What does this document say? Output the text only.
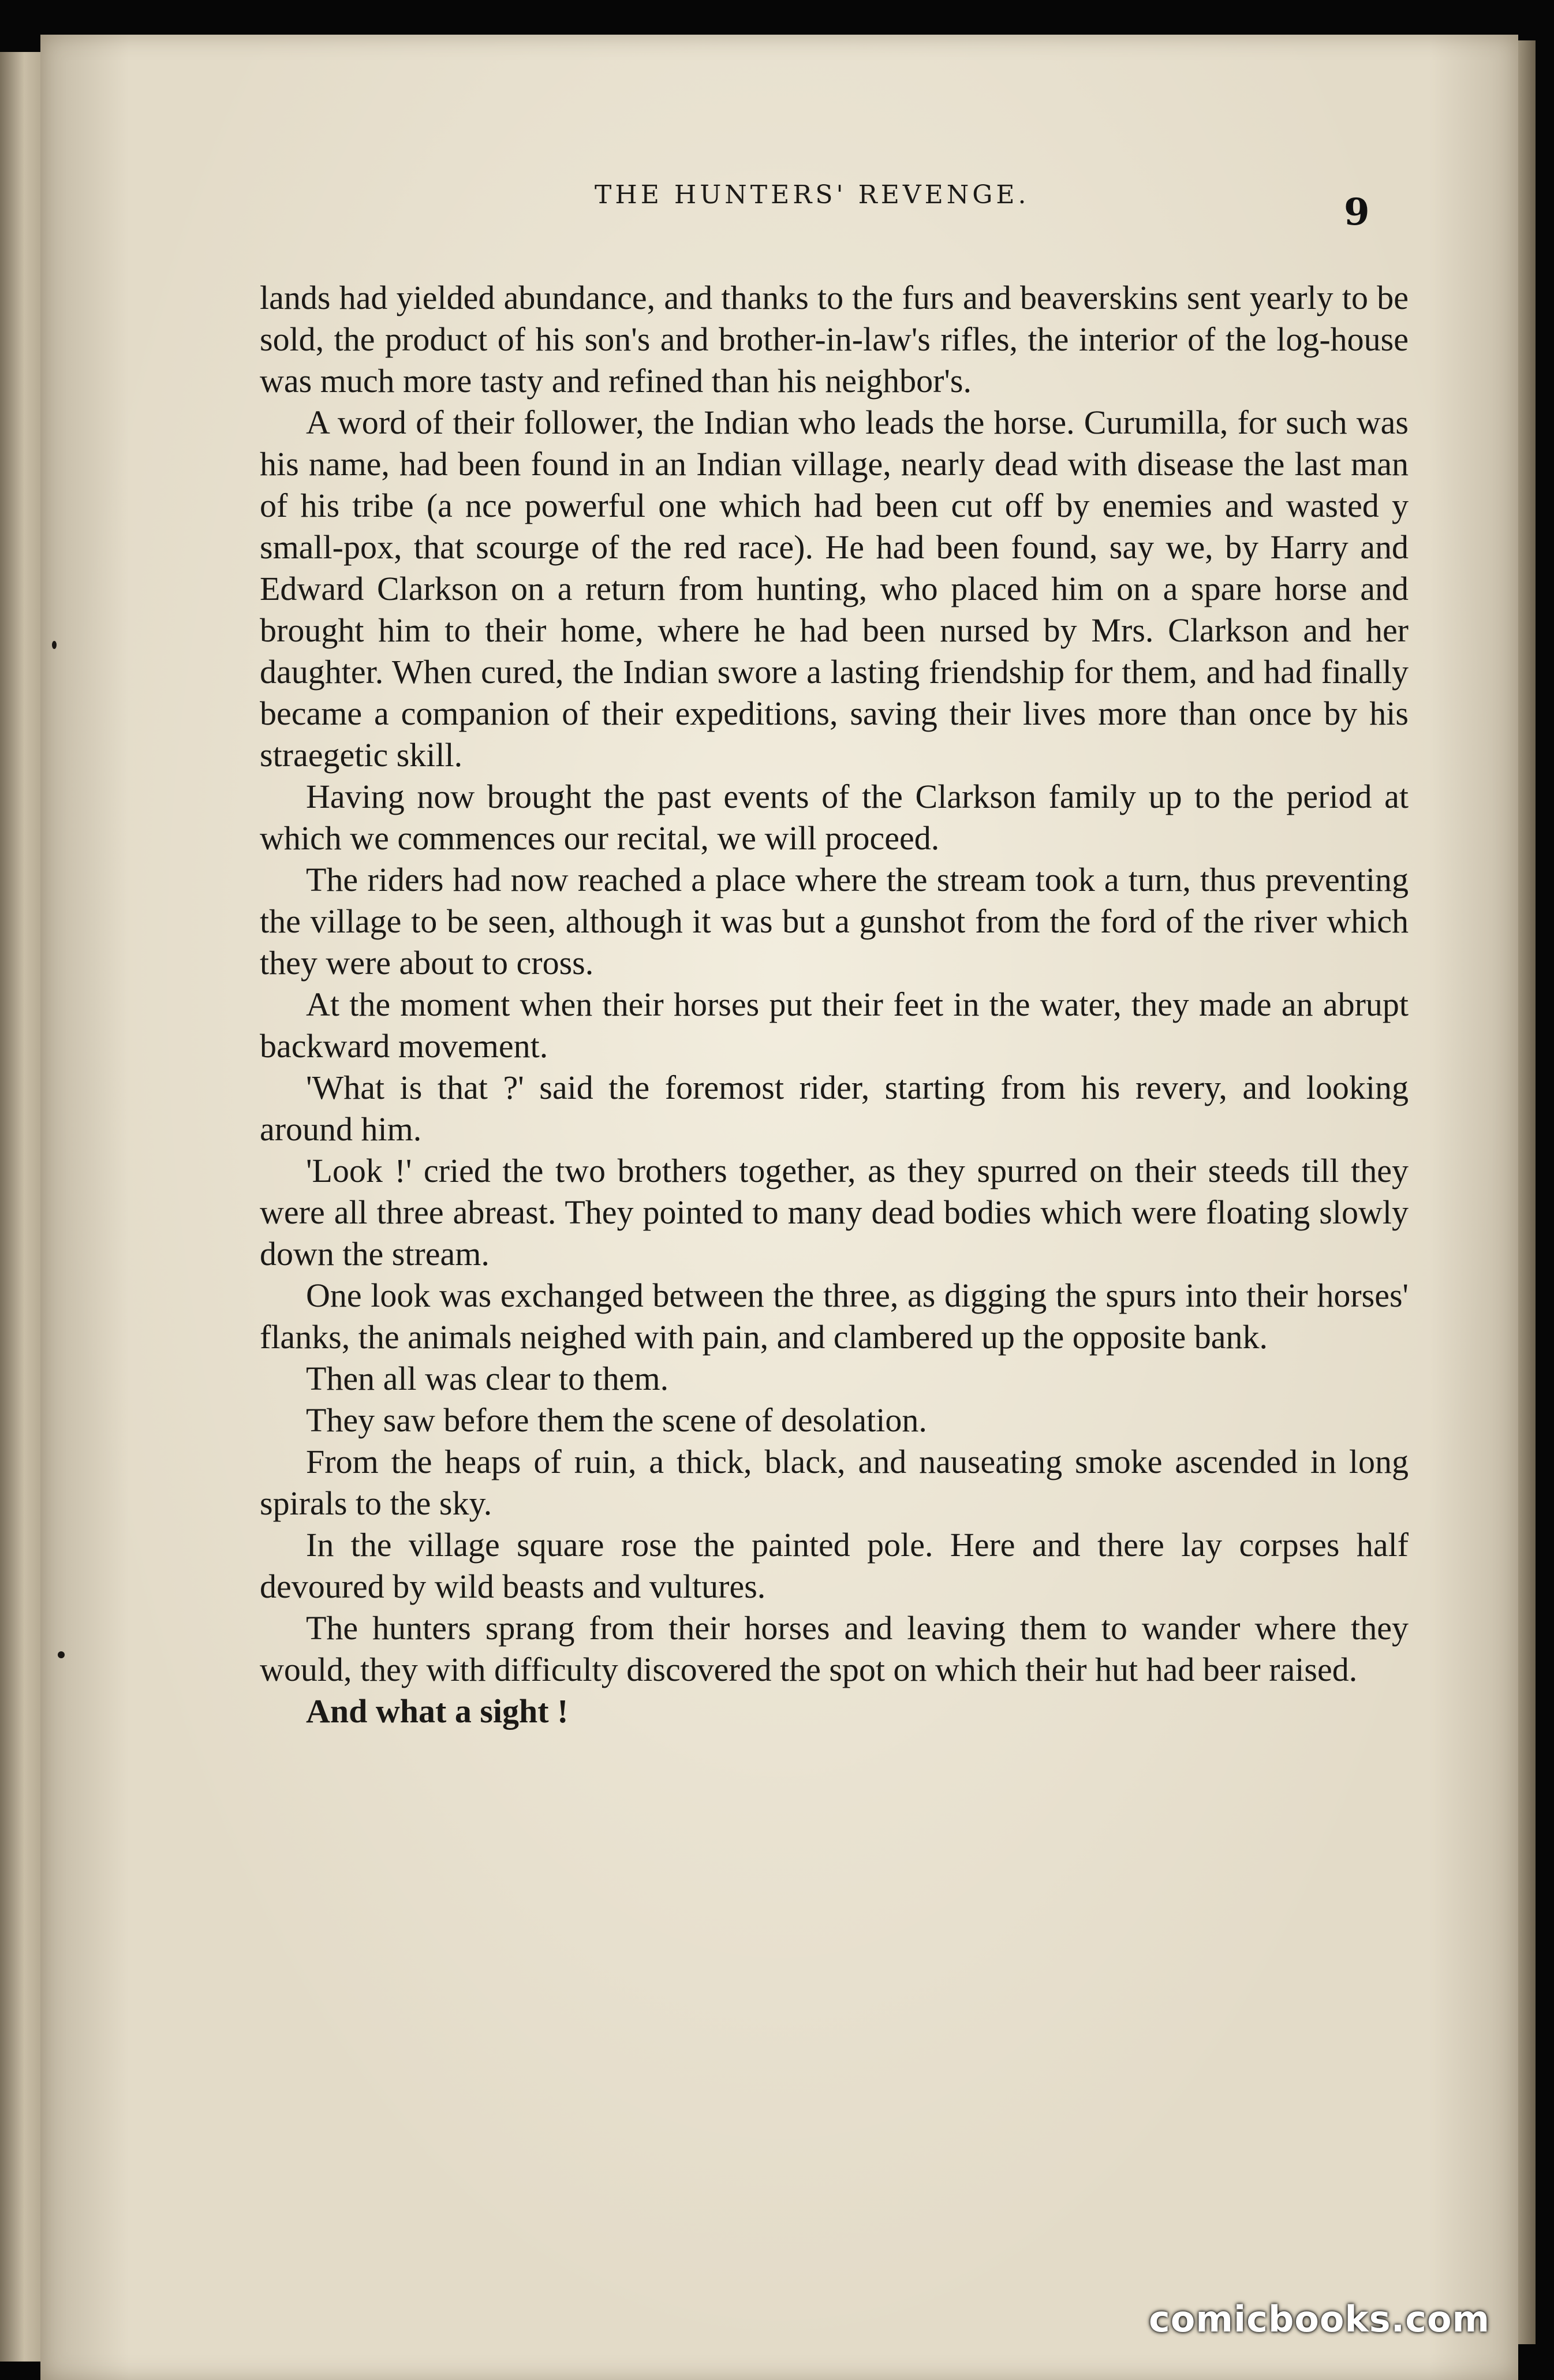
THE HUNTERS' REVENGE.	9

lands had yielded abundance, and thanks to the furs and beaverskins sent yearly to be sold, the product of his son's and brother-in-law's rifles, the interior of the log-house was much more tasty and refined than his neighbor's.

A word of their follower, the Indian who leads the horse. Curumilla, for such was his name, had been found in an Indian village, nearly dead with disease the last man of his tribe (a nce powerful one which had been cut off by enemies and wasted y small-pox, that scourge of the red race). He had been found, say we, by Harry and Edward Clarkson on a return from hunting, who placed him on a spare horse and brought him to their home, where he had been nursed by Mrs. Clarkson and her daughter. When cured, the Indian swore a lasting friendship for them, and had finally became a companion of their expeditions, saving their lives more than once by his straegetic skill.

Having now brought the past events of the Clarkson family up to the period at which we commences our recital, we will proceed.

The riders had now reached a place where the stream took a turn, thus preventing the village to be seen, although it was but a gunshot from the ford of the river which they were about to cross.

At the moment when their horses put their feet in the water, they made an abrupt backward movement.

'What is that ?' said the foremost rider, starting from his revery, and looking around him.

'Look !' cried the two brothers together, as they spurred on their steeds till they were all three abreast. They pointed to many dead bodies which were floating slowly down the stream.

One look was exchanged between the three, as digging the spurs into their horses' flanks, the animals neighed with pain, and clambered up the opposite bank.

Then all was clear to them.

They saw before them the scene of desolation.

From the heaps of ruin, a thick, black, and nauseating smoke ascended in long spirals to the sky.

In the village square rose the painted pole. Here and there lay corpses half devoured by wild beasts and vultures.

The hunters sprang from their horses and leaving them to wander where they would, they with difficulty discovered the spot on which their hut had beer raised.

And what a sight !

comicbooks.com
